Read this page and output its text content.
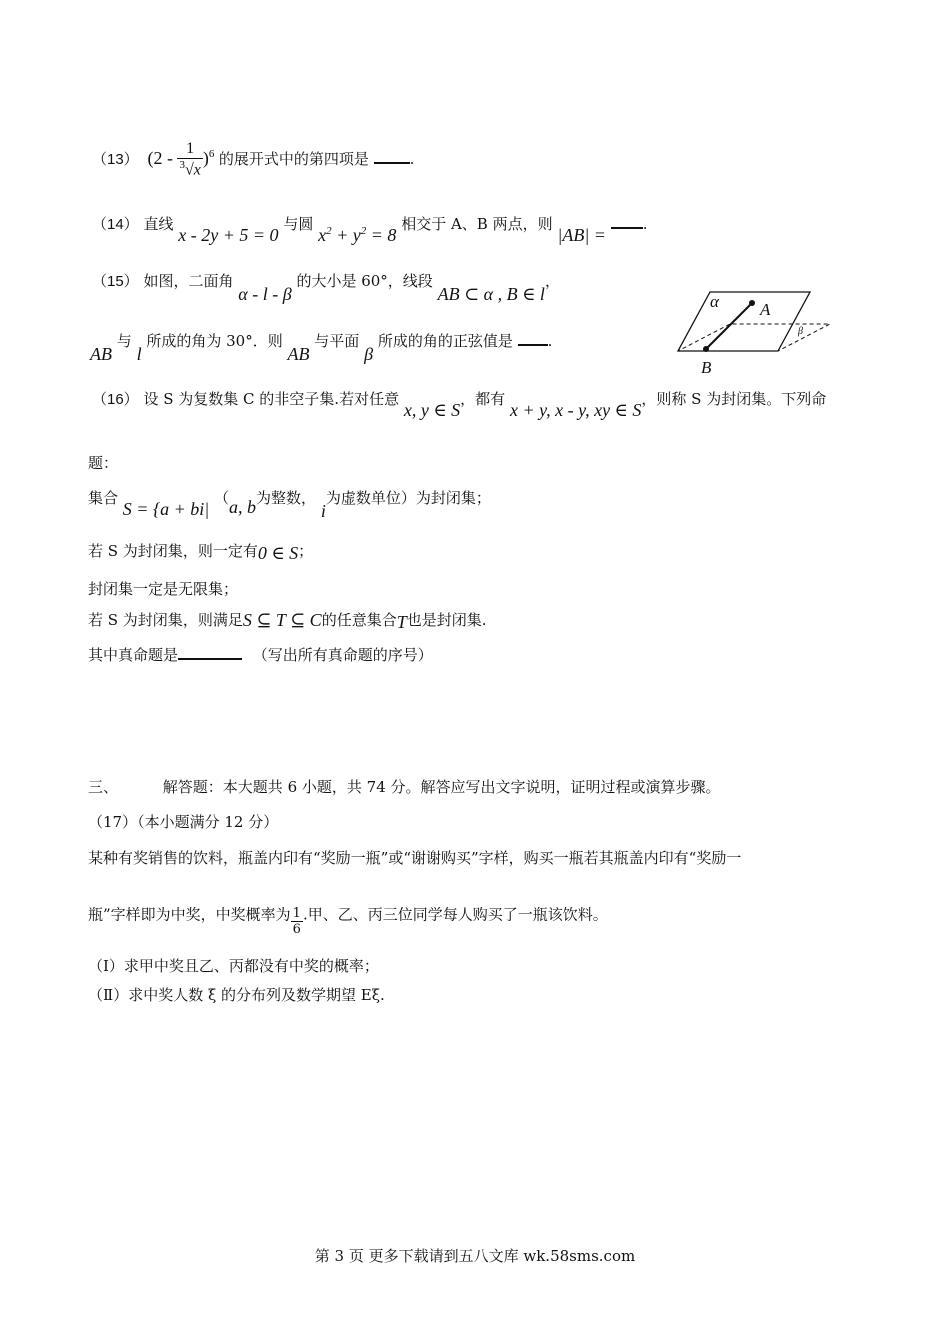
（13） $(2 - \frac{1}{^3√x} )^6$ 的展开式中的第四项是	.
（14） 直线 x - 2y + 5 = 0 与圆 $x^2 + y^2 = 8$ 相交于 A、B 两点，则 |AB| = .
（15） 如图，二面角 α - l - β 的大小是 60°，线段 AB ⊂ α , B ∈ l，
AB 与 l 所成的角为 30°．则 AB 与平面 β 所成的角的正弦值是 .
α A
β
B
（16） 设 S 为复数集 C 的非空子集.若对任意 x, y ∈ S，都有 x + y, x - y, xy ∈ S，则称 S 为封闭集。下列命
题：
集合 S = {a + bi| （a, b为整数， i为虚数单位）为封闭集；
若 S 为封闭集，则一定有0 ∈ S；
封闭集一定是无限集；
若 S 为封闭集，则满足S ⊆ T ⊆ C的任意集合T也是封闭集.
其中真命题是	（写出所有真命题的序号）
三、	解答题：本大题共 6 小题，共 74 分。解答应写出文字说明，证明过程或演算步骤。
（17）（本小题满分 12 分）
某种有奖销售的饮料，瓶盖内印有“奖励一瓶”或“谢谢购买”字样，购买一瓶若其瓶盖内印有“奖励一
瓶”字样即为中奖，中奖概率为 $\frac{1}{6}$ .甲、乙、丙三位同学每人购买了一瓶该饮料。
（Ⅰ）求甲中奖且乙、丙都没有中奖的概率；
（Ⅱ）求中奖人数 ξ 的分布列及数学期望 Eξ.
第 3 页 更多下载请到五八文库 wk.58sms.com
